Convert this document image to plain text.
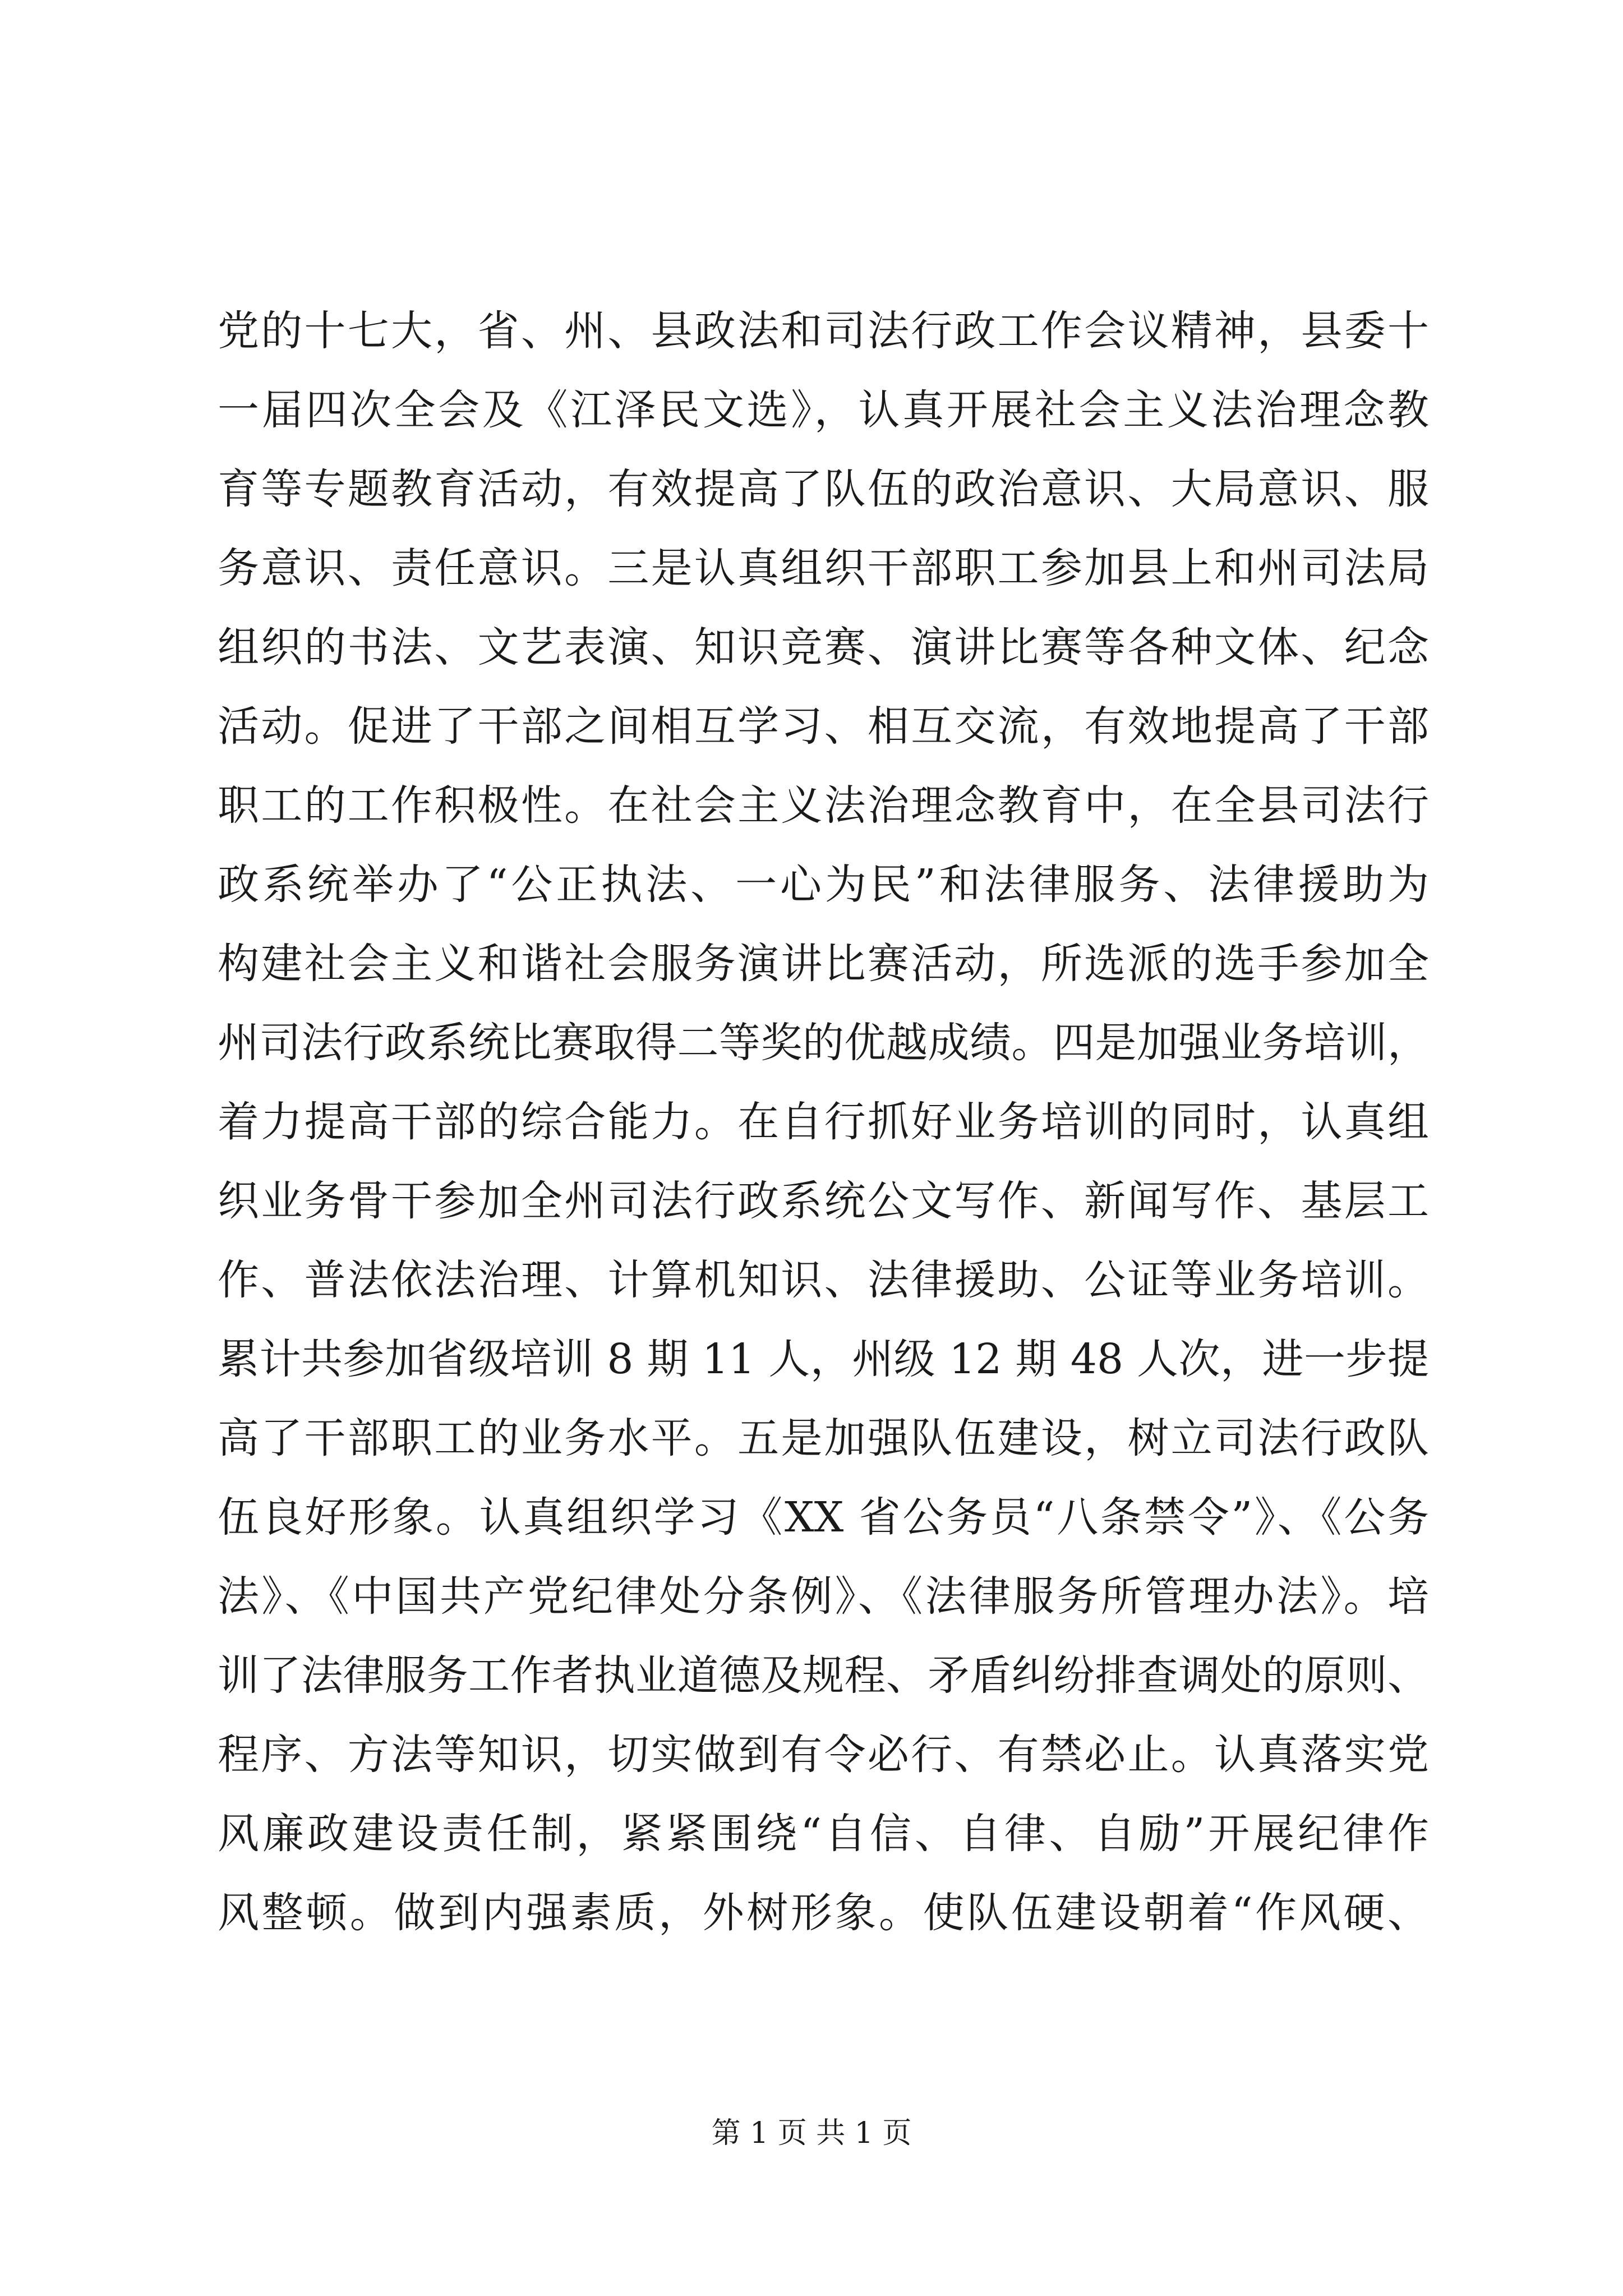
党的十七大，省、州、县政法和司法行政工作会议精神，县委十
一届四次全会及《江泽民文选》，认真开展社会主义法治理念教
育等专题教育活动，有效提高了队伍的政治意识、大局意识、服
务意识、责任意识。三是认真组织干部职工参加县上和州司法局
组织的书法、文艺表演、知识竞赛、演讲比赛等各种文体、纪念
活动。促进了干部之间相互学习、相互交流，有效地提高了干部
职工的工作积极性。在社会主义法治理念教育中，在全县司法行
政系统举办了“公正执法、一心为民”和法律服务、法律援助为
构建社会主义和谐社会服务演讲比赛活动，所选派的选手参加全
州司法行政系统比赛取得二等奖的优越成绩。四是加强业务培训，
着力提高干部的综合能力。在自行抓好业务培训的同时，认真组
织业务骨干参加全州司法行政系统公文写作、新闻写作、基层工
作、普法依法治理、计算机知识、法律援助、公证等业务培训。
累计共参加省级培训 8 期 11 人，州级 12 期 48 人次，进一步提
高了干部职工的业务水平。五是加强队伍建设，树立司法行政队
伍良好形象。认真组织学习《XX 省公务员“八条禁令”》、《公务
法》、《中国共产党纪律处分条例》、《法律服务所管理办法》。培
训了法律服务工作者执业道德及规程、矛盾纠纷排查调处的原则、
程序、方法等知识，切实做到有令必行、有禁必止。认真落实党
风廉政建设责任制，紧紧围绕“自信、自律、自励”开展纪律作
风整顿。做到内强素质，外树形象。使队伍建设朝着“作风硬、
第 1 页 共 1 页
